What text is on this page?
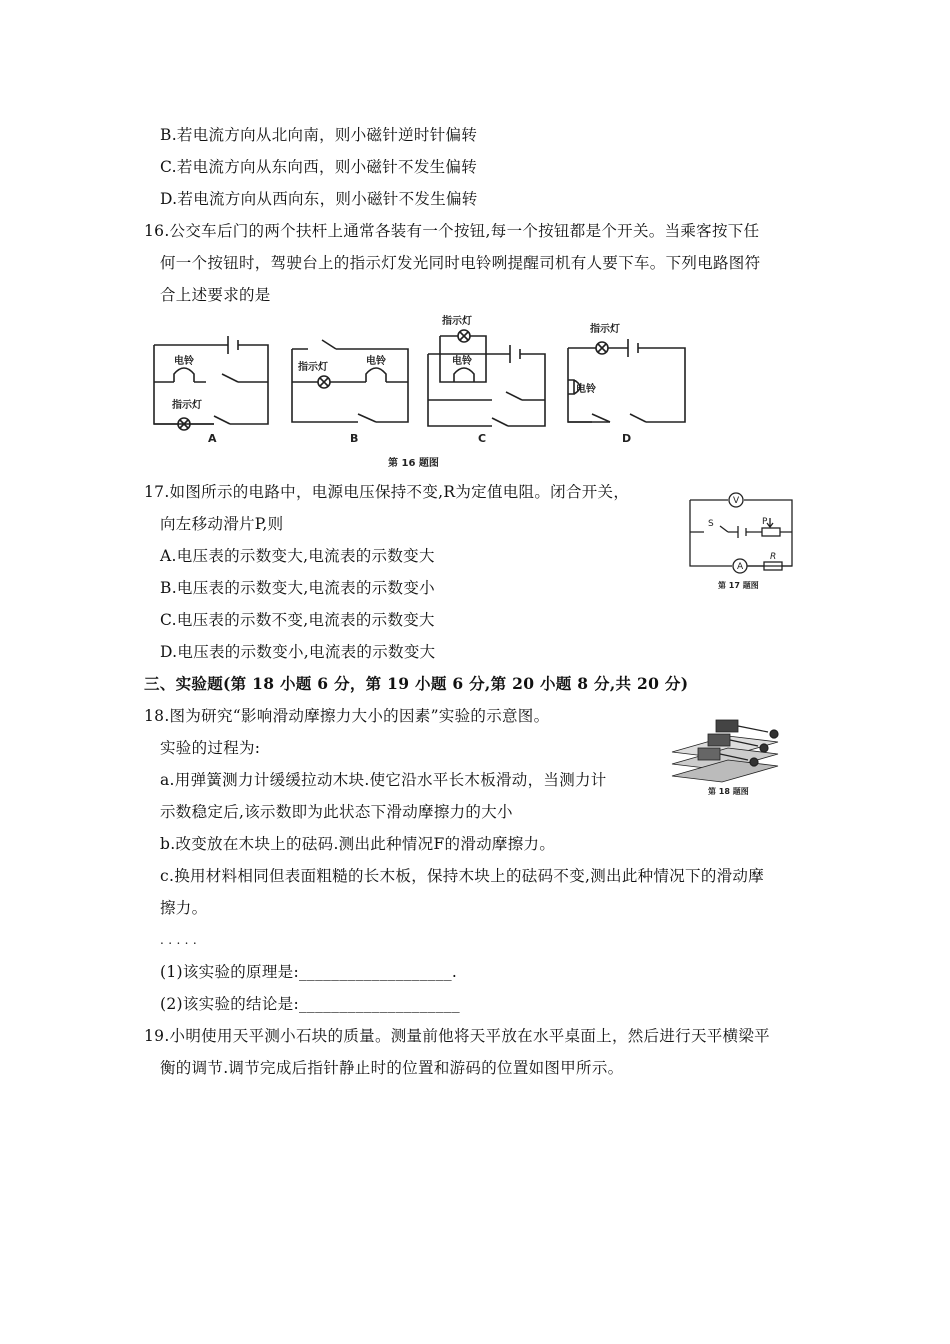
B.若电流方向从北向南，则小磁针逆时针偏转
C.若电流方向从东向西，则小磁针不发生偏转
D.若电流方向从西向东，则小磁针不发生偏转
16.公交车后门的两个扶杆上通常各装有一个按钮,每一个按钮都是个开关。当乘客按下任
何一个按钮时，驾驶台上的指示灯发光同时电铃咧提醒司机有人要下车。下列电路图符
合上述要求的是
电铃
指示灯
指示灯
电铃
指示灯
电铃
指示灯
电铃
A	B	C	D
第 16 题图
17.如图所示的电路中，电源电压保持不变,R为定值电阻。闭合开关，
向左移动滑片P,则
A.电压表的示数变大,电流表的示数变大
B.电压表的示数变大,电流表的示数变小
C.电压表的示数不变,电流表的示数变大
D.电压表的示数变小,电流表的示数变大
V
S	P
A
R
第 17 题图
三、实验题(第 18 小题 6 分，第 19 小题 6 分,第 20 小题 8 分,共 20 分)
18.图为研究“影响滑动摩擦力大小的因素”实验的示意图。
实验的过程为:
a.用弹簧测力计缓缓拉动木块.使它沿水平长木板滑动，当测力计
示数稳定后,该示数即为此状态下滑动摩擦力的大小
b.改变放在木块上的砝码.测出此种情况F的滑动摩擦力。
c.换用材料相同但表面粗糙的长木板，保持木块上的砝码不变,测出此种情况下的滑动摩
擦力。
. . . . .
(1)该实验的原理是:___________________.
(2)该实验的结论是:____________________
第 18 题图
19.小明使用天平测小石块的质量。测量前他将天平放在水平桌面上，然后进行天平横梁平
衡的调节.调节完成后指针静止时的位置和游码的位置如图甲所示。
